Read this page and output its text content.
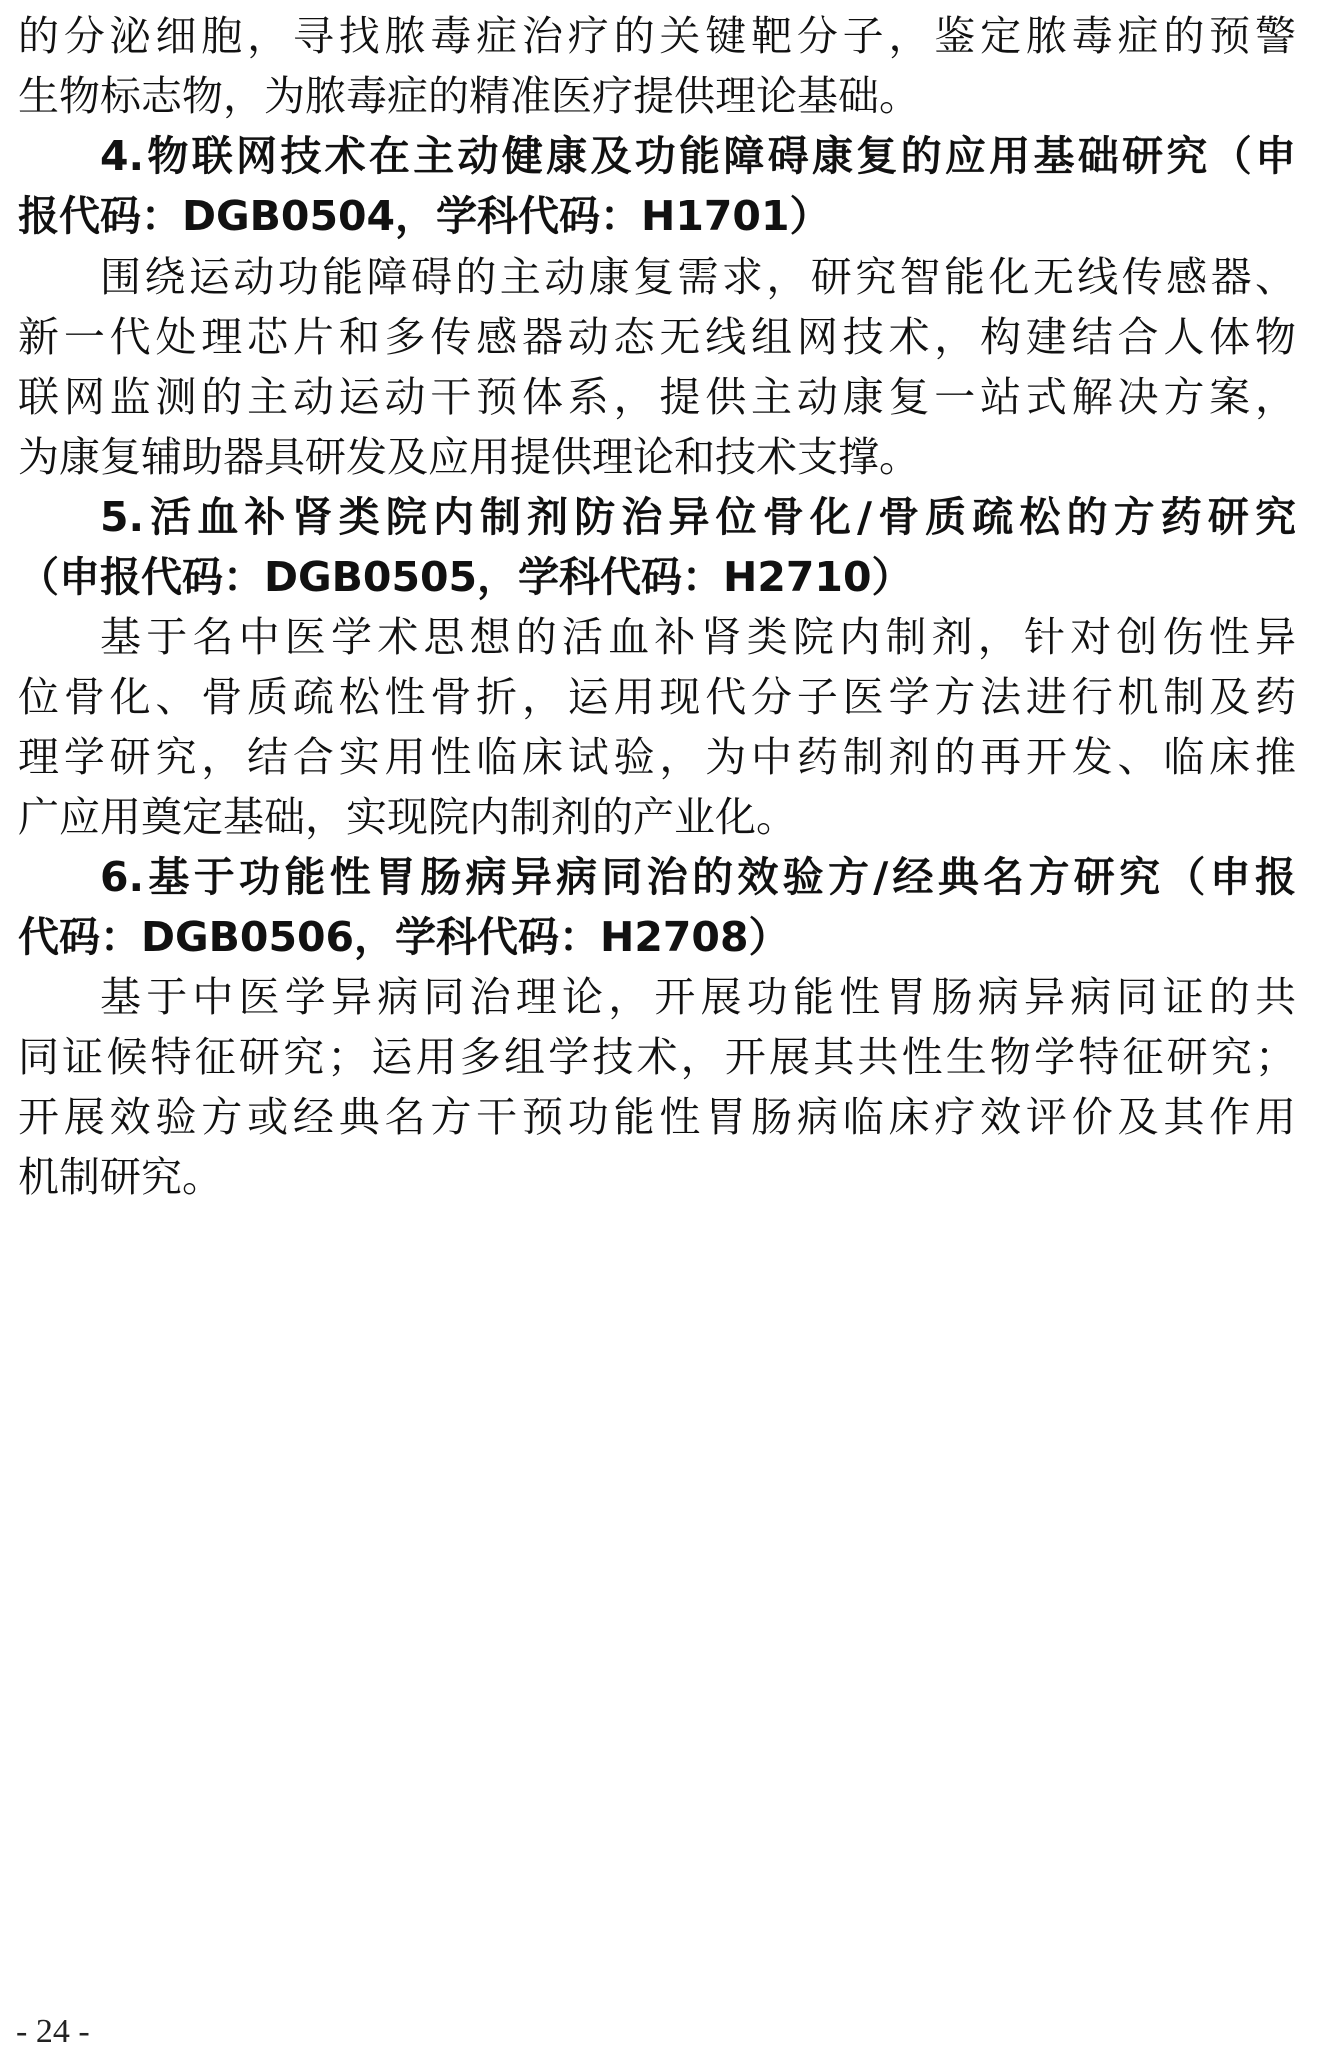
的分泌细胞，寻找脓毒症治疗的关键靶分子，鉴定脓毒症的预警
生物标志物，为脓毒症的精准医疗提供理论基础。
4.物联网技术在主动健康及功能障碍康复的应用基础研究（申
报代码：DGB0504，学科代码：H1701）
围绕运动功能障碍的主动康复需求，研究智能化无线传感器、
新一代处理芯片和多传感器动态无线组网技术，构建结合人体物
联网监测的主动运动干预体系，提供主动康复一站式解决方案，
为康复辅助器具研发及应用提供理论和技术支撑。
5.活血补肾类院内制剂防治异位骨化/骨质疏松的方药研究
（申报代码：DGB0505，学科代码：H2710）
基于名中医学术思想的活血补肾类院内制剂，针对创伤性异
位骨化、骨质疏松性骨折，运用现代分子医学方法进行机制及药
理学研究，结合实用性临床试验，为中药制剂的再开发、临床推
广应用奠定基础，实现院内制剂的产业化。
6.基于功能性胃肠病异病同治的效验方/经典名方研究（申报
代码：DGB0506，学科代码：H2708）
基于中医学异病同治理论，开展功能性胃肠病异病同证的共
同证候特征研究；运用多组学技术，开展其共性生物学特征研究；
开展效验方或经典名方干预功能性胃肠病临床疗效评价及其作用
机制研究。
- 24 -
